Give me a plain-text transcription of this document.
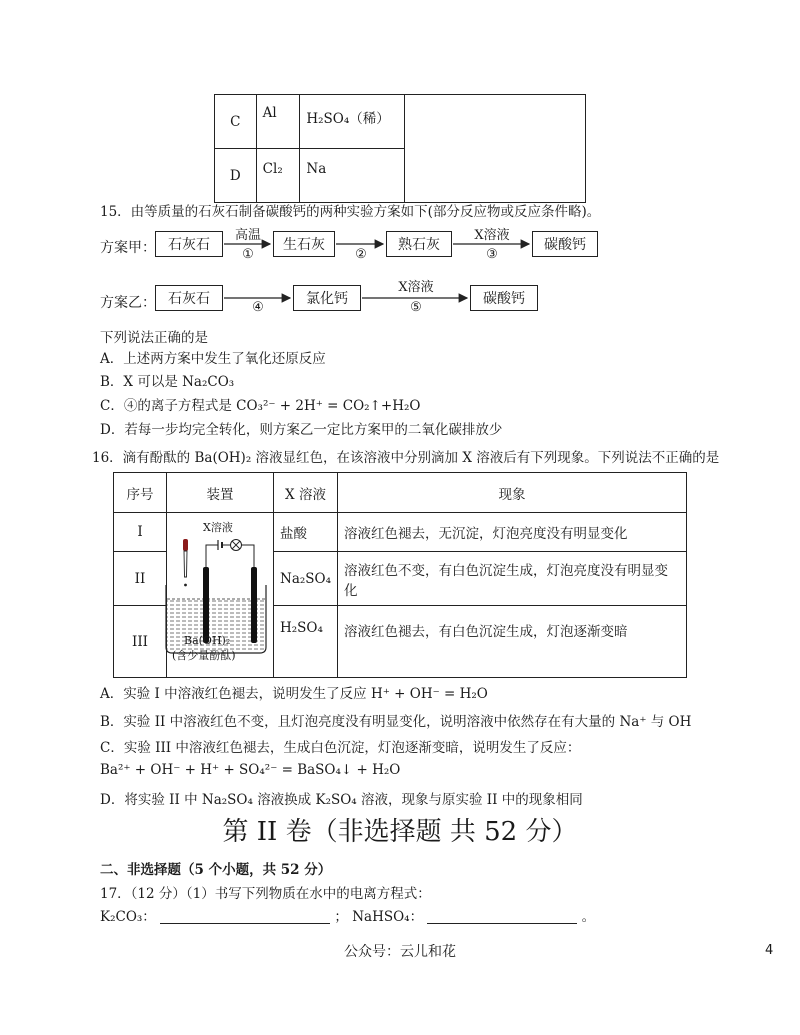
C	Al	H₂SO₄（稀）	
D	Cl₂	Na	
15．由等质量的石灰石制备碳酸钙的两种实验方案如下(部分反应物或反应条件略)。
方案甲： 石灰石	生石灰	熟石灰	碳酸钙
高温
①	②
X溶液
③
方案乙： 石灰石	氯化钙	碳酸钙
④
X溶液
⑤
下列说法正确的是
A．上述两方案中发生了氧化还原反应
B．X 可以是 Na₂CO₃
C．④的离子方程式是 CO₃²⁻ + 2H⁺ = CO₂↑+H₂O
D．若每一步均完全转化，则方案乙一定比方案甲的二氧化碳排放少
16．滴有酚酞的 Ba(OH)₂ 溶液显红色，在该溶液中分别滴加 X 溶液后有下列现象。下列说法不正确的是
序号	装置	X 溶液	现象
I		盐酸	溶液红色褪去，无沉淀，灯泡亮度没有明显变化
II		Na₂SO₄	溶液红色不变，有白色沉淀生成，灯泡亮度没有明显变化
III		H₂SO₄	溶液红色褪去，有白色沉淀生成，灯泡逐渐变暗
X溶液
Ba(OH)₂
(含少量酚酞)
A．实验 I 中溶液红色褪去，说明发生了反应 H⁺ + OH⁻ = H₂O
B．实验 II 中溶液红色不变，且灯泡亮度没有明显变化，说明溶液中依然存在有大量的 Na⁺ 与 OH
C．实验 III 中溶液红色褪去，生成白色沉淀，灯泡逐渐变暗，说明发生了反应：
Ba²⁺ + OH⁻ + H⁺ + SO₄²⁻ = BaSO₄↓ + H₂O
D．将实验 II 中 Na₂SO₄ 溶液换成 K₂SO₄ 溶液，现象与原实验 II 中的现象相同
第 II 卷（非选择题 共 52 分）
二、非选择题（5 个小题，共 52 分）
17．（12 分）（1）书写下列物质在水中的电离方程式：
K₂CO₃：	； NaHSO₄：	。
公众号：云儿和花	4
